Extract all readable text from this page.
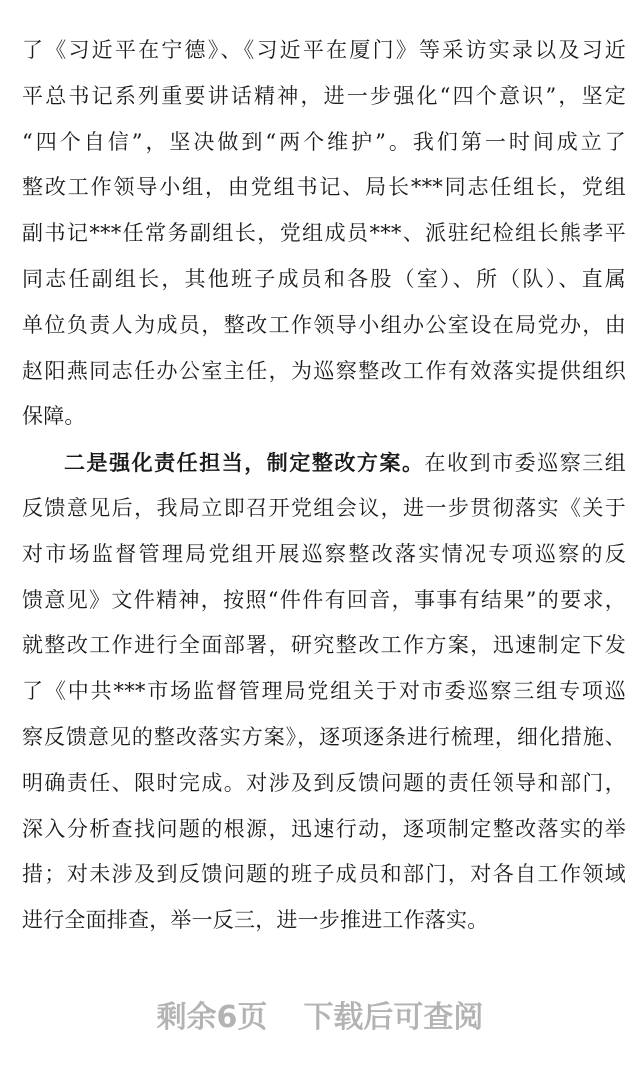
了《习近平在宁德》、《习近平在厦门》等采访实录以及习近
平总书记系列重要讲话精神，进一步强化“四个意识”，坚定
“四个自信”，坚决做到“两个维护”。我们第一时间成立了
整改工作领导小组，由党组书记、局长***同志任组长，党组
副书记***任常务副组长，党组成员***、派驻纪检组长熊孝平
同志任副组长，其他班子成员和各股（室）、所（队）、直属
单位负责人为成员，整改工作领导小组办公室设在局党办，由
赵阳燕同志任办公室主任，为巡察整改工作有效落实提供组织
保障。
二是强化责任担当，制定整改方案。在收到市委巡察三组
反馈意见后，我局立即召开党组会议，进一步贯彻落实《关于
对市场监督管理局党组开展巡察整改落实情况专项巡察的反
馈意见》文件精神，按照“件件有回音，事事有结果”的要求，
就整改工作进行全面部署，研究整改工作方案，迅速制定下发
了《中共***市场监督管理局党组关于对市委巡察三组专项巡
察反馈意见的整改落实方案》，逐项逐条进行梳理，细化措施、
明确责任、限时完成。对涉及到反馈问题的责任领导和部门，
深入分析查找问题的根源，迅速行动，逐项制定整改落实的举
措；对未涉及到反馈问题的班子成员和部门，对各自工作领域
进行全面排查，举一反三，进一步推进工作落实。
剩余6页 下载后可查阅
